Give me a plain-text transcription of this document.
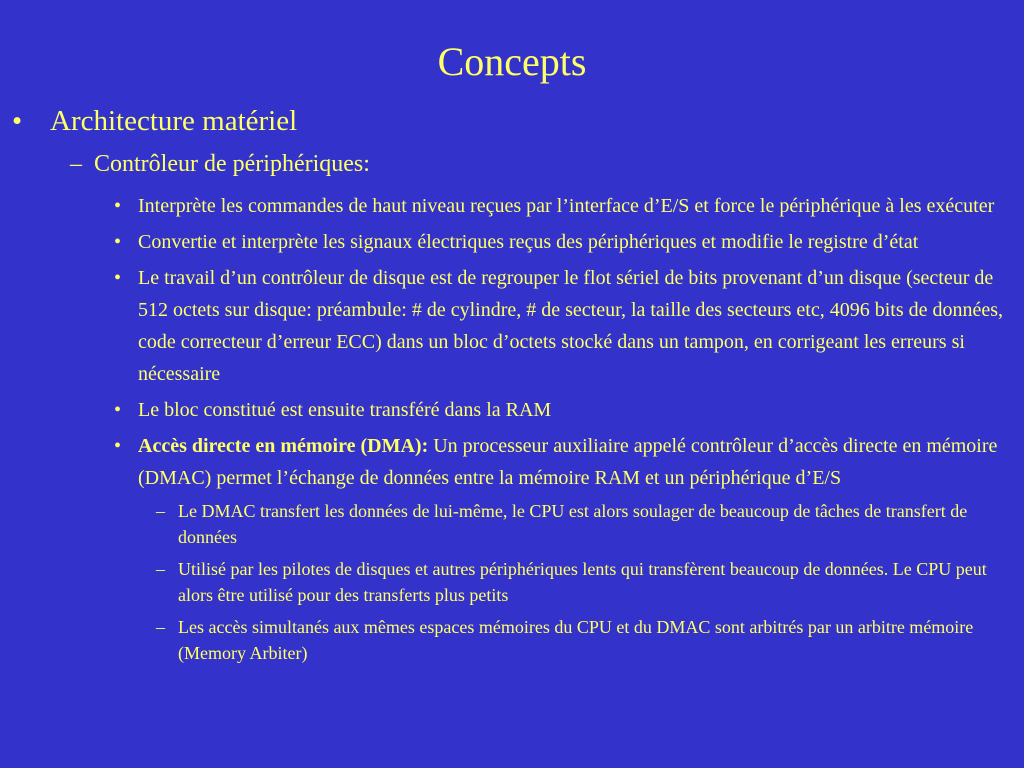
Concepts
• Architecture matériel
– Contrôleur de périphériques:
• Interprète les commandes de haut niveau reçues par l’interface d’E/S et force le périphérique à les exécuter
• Convertie et interprète les signaux électriques reçus des périphériques et modifie le registre d’état
• Le travail d’un contrôleur de disque est de regrouper le flot sériel de bits provenant d’un disque (secteur de 512 octets sur disque: préambule: # de cylindre, # de secteur, la taille des secteurs etc, 4096 bits de données, code correcteur d’erreur ECC) dans un bloc d’octets stocké dans un tampon, en corrigeant les erreurs si nécessaire
• Le bloc constitué est ensuite transféré dans la RAM
• Accès directe en mémoire (DMA): Un processeur auxiliaire appelé contrôleur d’accès directe en mémoire (DMAC) permet l’échange de données entre la mémoire RAM et un périphérique d’E/S
– Le DMAC transfert les données de lui-même, le CPU est alors soulager de beaucoup de tâches de transfert de données
– Utilisé par les pilotes de disques et autres périphériques lents qui transfèrent beaucoup de données. Le CPU peut alors être utilisé pour des transferts plus petits
– Les accès simultanés aux mêmes espaces mémoires du CPU et du DMAC sont arbitrés par un arbitre mémoire (Memory Arbiter)
